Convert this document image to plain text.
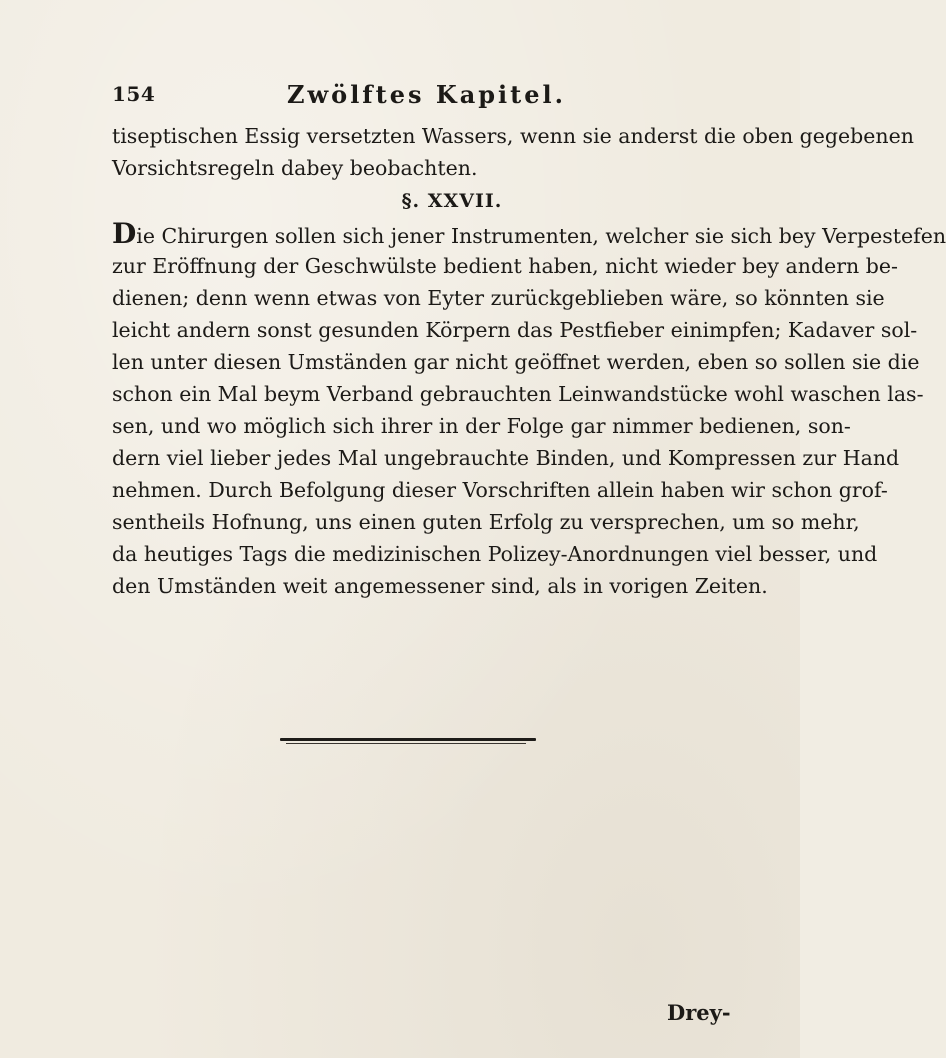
154	Zwölftes Kapitel.
tiseptischen Essig versetzten Wassers, wenn sie anderst die oben gegebenen
Vorsichtsregeln dabey beobachten.
§. XXVII.
Die Chirurgen sollen sich jener Instrumenten, welcher sie sich bey Verpestefen
zur Eröffnung der Geschwülste bedient haben, nicht wieder bey andern be-
dienen; denn wenn etwas von Eyter zurückgeblieben wäre, so könnten sie
leicht andern sonst gesunden Körpern das Pestfieber einimpfen; Kadaver sol-
len unter diesen Umständen gar nicht geöffnet werden, eben so sollen sie die
schon ein Mal beym Verband gebrauchten Leinwandstücke wohl waschen las-
sen, und wo möglich sich ihrer in der Folge gar nimmer bedienen, son-
dern viel lieber jedes Mal ungebrauchte Binden, und Kompressen zur Hand
nehmen. Durch Befolgung dieser Vorschriften allein haben wir schon grof-
sentheils Hofnung, uns einen guten Erfolg zu versprechen, um so mehr,
da heutiges Tags die medizinischen Polizey-Anordnungen viel besser, und
den Umständen weit angemessener sind, als in vorigen Zeiten.
Drey-
